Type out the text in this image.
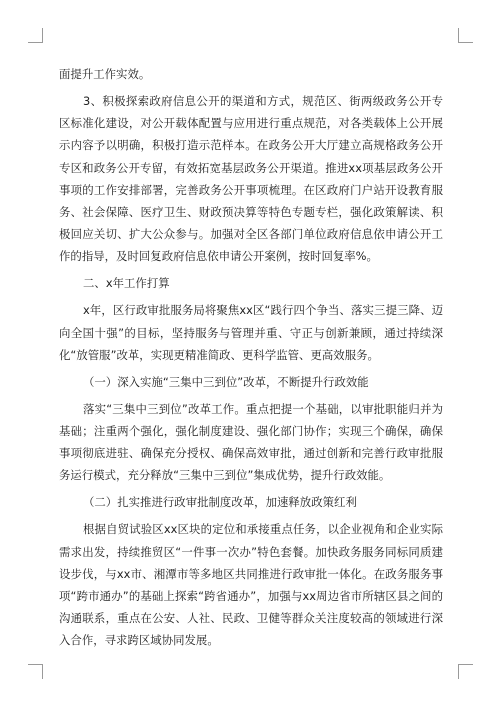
面提升工作实效。

3、积极探索政府信息公开的渠道和方式，规范区、街两级政务公开专区标准化建设，对公开载体配置与应用进行重点规范，对各类载体上公开展示内容予以明确，积极打造示范样本。在政务公开大厅建立高规格政务公开专区和政务公开专留，有效拓宽基层政务公开渠道。推进xx项基层政务公开事项的工作安排部署，完善政务公开事项梳理。在区政府门户站开设教育服务、社会保障、医疗卫生、财政预决算等特色专题专栏，强化政策解读、积极回应关切、扩大公众参与。加强对全区各部门单位政府信息依申请公开工作的指导，及时回复政府信息依申请公开案例，按时回复率%。

二、x年工作打算

x年，区行政审批服务局将聚焦xx区“践行四个争当、落实三提三降、迈向全国十强”的目标，坚持服务与管理并重、守正与创新兼顾，通过持续深化“放管服”改革，实现更精准简政、更科学监管、更高效服务。

（一）深入实施“三集中三到位”改革，不断提升行政效能

落实“三集中三到位”改革工作。重点把提一个基础，以审批职能归并为基础；注重两个强化，强化制度建设、强化部门协作；实现三个确保，确保事项彻底进驻、确保充分授权、确保高效审批，通过创新和完善行政审批服务运行模式，充分释放“三集中三到位”集成优势，提升行政效能。

（二）扎实推进行政审批制度改革，加速释放政策红利

根据自贸试验区xx区块的定位和承接重点任务，以企业视角和企业实际需求出发，持续推贸区“一件事一次办”特色套餐。加快政务服务同标同质建设步伐，与xx市、湘潭市等多地区共同推进行政审批一体化。在政务服务事项“跨市通办”的基础上探索“跨省通办”，加强与xx周边省市所辖区县之间的沟通联系，重点在公安、人社、民政、卫健等群众关注度较高的领域进行深入合作，寻求跨区域协同发展。
